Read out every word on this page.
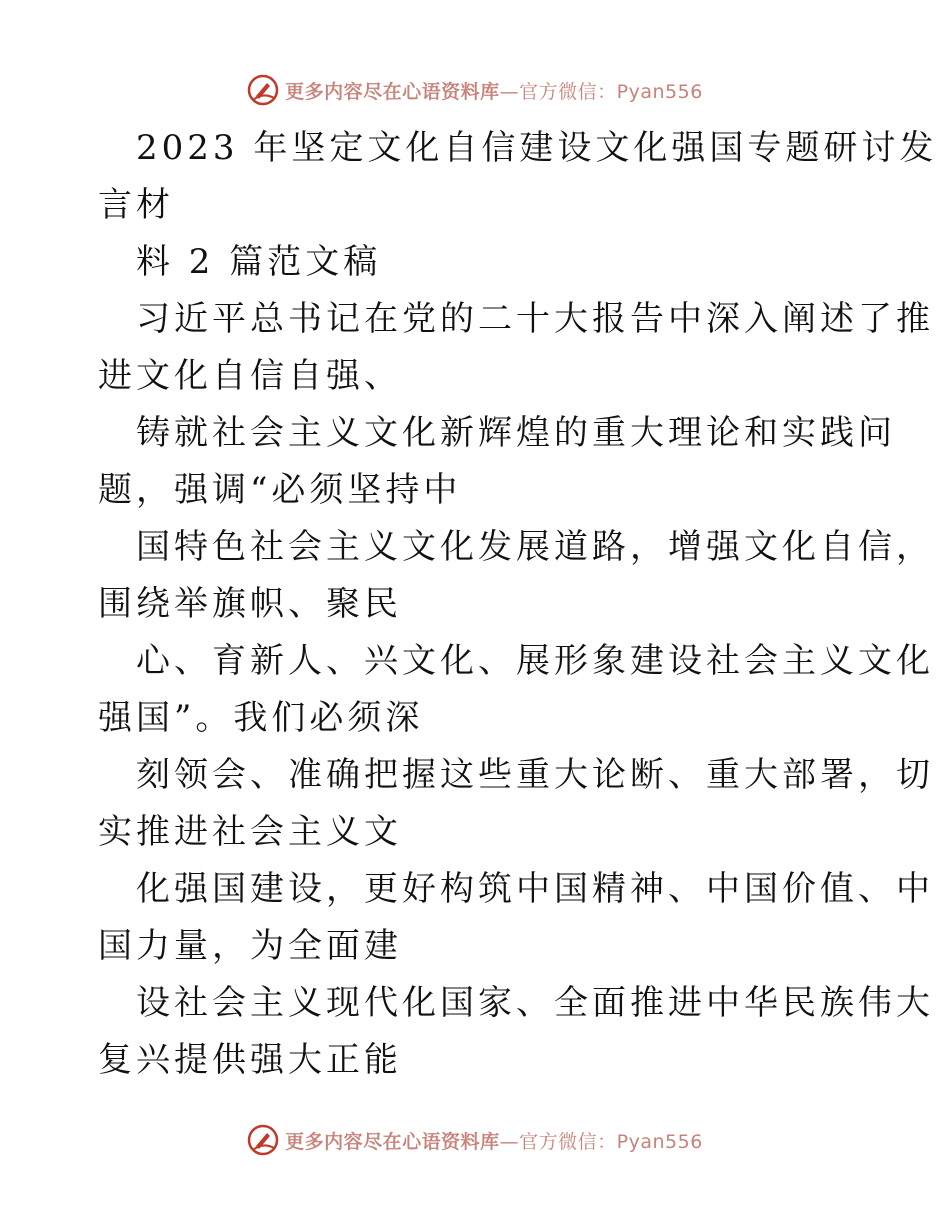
更多内容尽在心语资料库—官方微信：Pyan556
2023 年坚定文化自信建设文化强国专题研讨发
言材
料 2 篇范文稿
习近平总书记在党的二十大报告中深入阐述了推
进文化自信自强、
铸就社会主义文化新辉煌的重大理论和实践问
题，强调“必须坚持中
国特色社会主义文化发展道路，增强文化自信，
围绕举旗帜、聚民
心、育新人、兴文化、展形象建设社会主义文化
强国”。我们必须深
刻领会、准确把握这些重大论断、重大部署，切
实推进社会主义文
化强国建设，更好构筑中国精神、中国价值、中
国力量，为全面建
设社会主义现代化国家、全面推进中华民族伟大
复兴提供强大正能
更多内容尽在心语资料库—官方微信：Pyan556
